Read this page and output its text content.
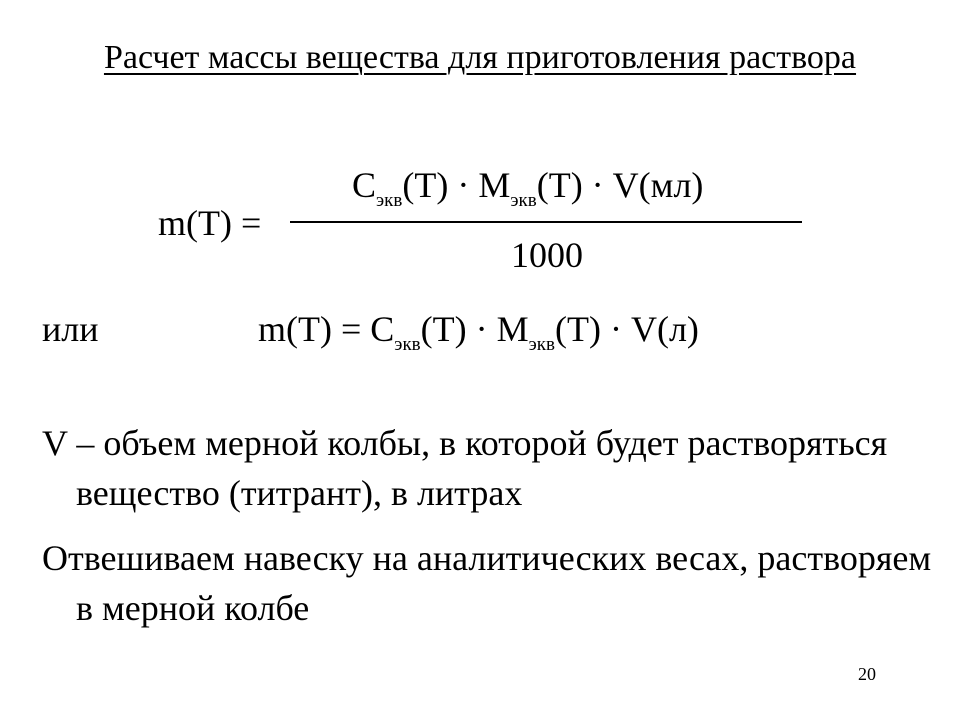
Расчет массы вещества для приготовления раствора
$C_{экв}(Т) \cdot М_{экв}(Т) \cdot V(мл)$
m(T) =
1000
или	$m(T) = C_{экв}(Т) \cdot М_{экв}(Т) \cdot V(л)$
V – объем мерной колбы, в которой будет растворяться вещество (титрант), в литрах
Отвешиваем навеску на аналитических весах, растворяем в мерной колбе
20
